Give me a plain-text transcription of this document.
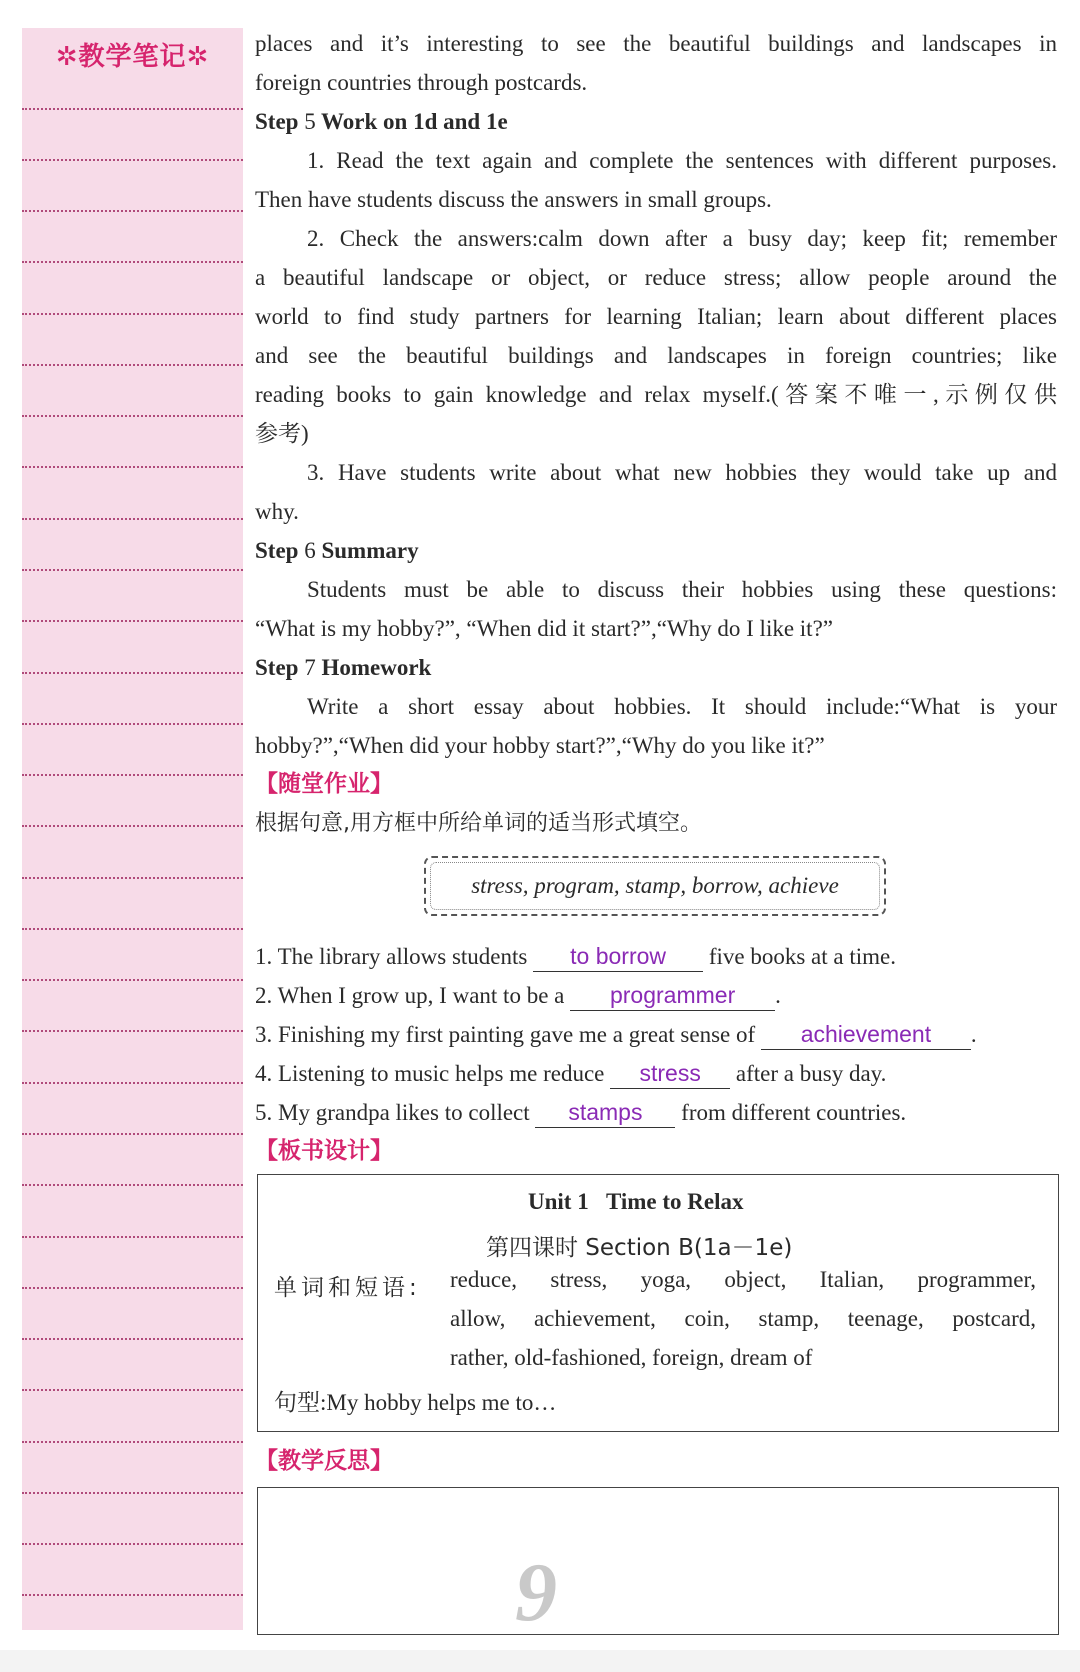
✲教学笔记✲	places and it’s interesting to see the beautiful buildings and landscapes in
foreign countries through postcards.
Step 5 Work on 1d and 1e
1. Read the text again and complete the sentences with different purposes.
Then have students discuss the answers in small groups.
2. Check the answers:calm down after a busy day; keep fit; remember
a beautiful landscape or object, or reduce stress; allow people around the
world to find study partners for learning Italian; learn about different places
and see the beautiful buildings and landscapes in foreign countries; like
reading books to gain knowledge and relax myself.(答案不唯一,示例仅供
参考)
3. Have students write about what new hobbies they would take up and
why.
Step 6 Summary
Students must be able to discuss their hobbies using these questions:
“What is my hobby?”, “When did it start?”,“Why do I like it?”
Step 7 Homework
Write a short essay about hobbies. It should include:“What is your
hobby?”,“When did your hobby start?”,“Why do you like it?”
【随堂作业】
根据句意,用方框中所给单词的适当形式填空。
stress, program, stamp, borrow, achieve
1. The library allows students to borrow five books at a time.
2. When I grow up, I want to be a programmer .
3. Finishing my first painting gave me a great sense of achievement .
4. Listening to music helps me reduce stress after a busy day.
5. My grandpa likes to collect stamps from different countries.
【板书设计】
Unit 1 Time to Relax
第四课时 Section B(1a－1e)
单词和短语: reduce, stress, yoga, object, Italian, programmer,
allow, achievement, coin, stamp, teenage, postcard,
rather, old-fashioned, foreign, dream of
句型:My hobby helps me to…
【教学反思】
9
